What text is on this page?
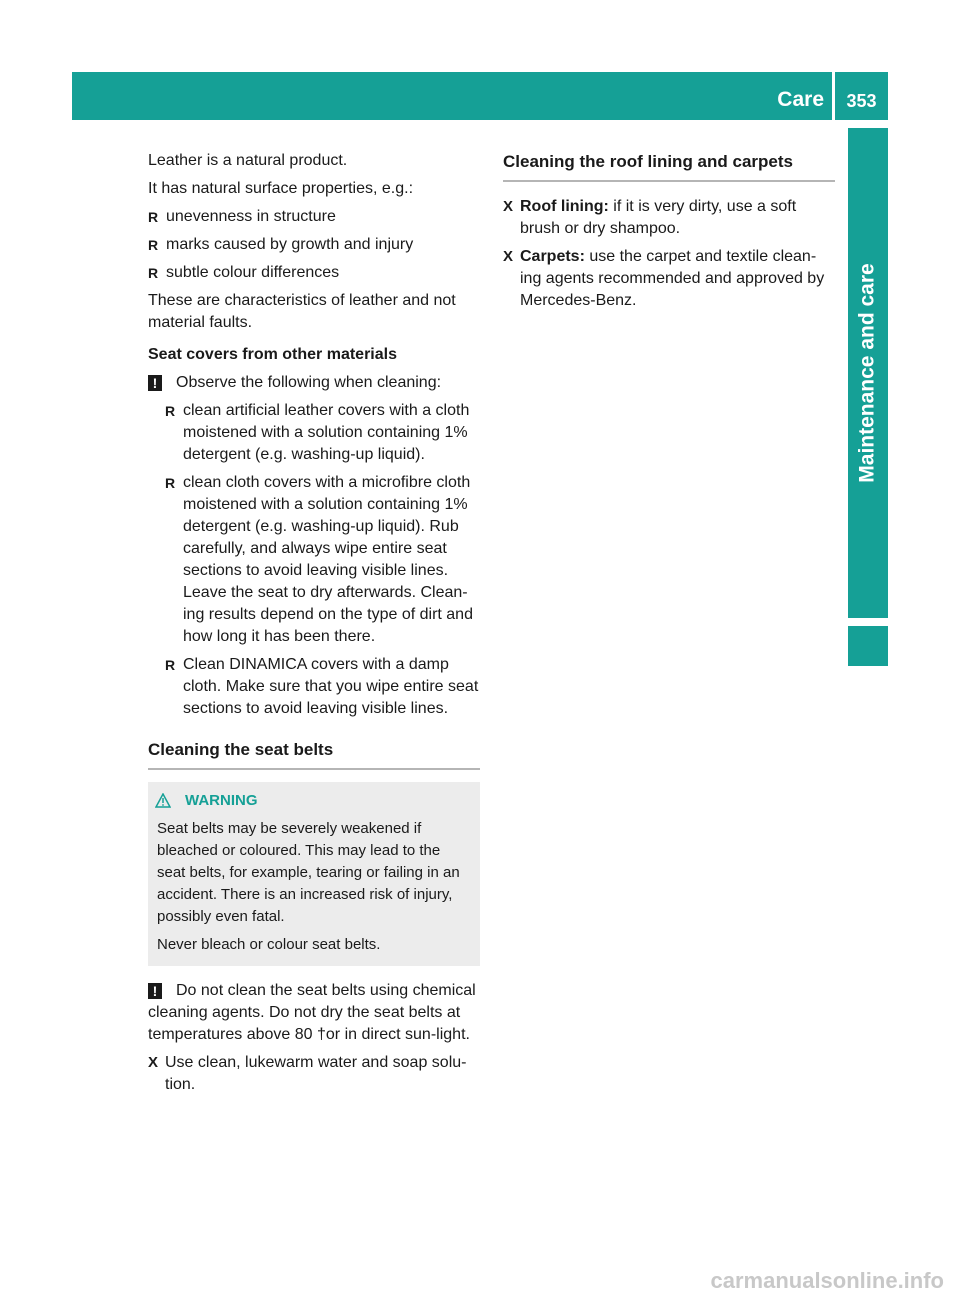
Care	353
Maintenance and care

Leather is a natural product.

It has natural surface properties, e.g.:

R unevenness in structure
R marks caused by growth and injury
R subtle colour differences

These are characteristics of leather and not

material faults.

Seat covers from other materials
! Observe the following when cleaning:
R clean artificial leather covers with a cloth moistened with a solution containing 1% detergent (e.g. washing-up liquid).
R clean cloth covers with a microfibre cloth moistened with a solution containing 1% detergent (e.g. washing-up liquid). Rub carefully, and always wipe entire seat sections to avoid leaving visible lines. Leave the seat to dry afterwards. Clean-ing results depend on the type of dirt and how long it has been there.
R Clean DINAMICA covers with a damp cloth. Make sure that you wipe entire seat sections to avoid leaving visible lines.
Cleaning the seat belts
WARNING

Seat belts may be severely weakened if bleached or coloured. This may lead to the seat belts, for example, tearing or failing in an accident. There is an increased risk of injury, possibly even fatal.

Never bleach or colour seat belts.

!	Do not clean the seat belts using chemical cleaning agents. Do not dry the seat belts at temperatures above 80 †or in direct sun-light.

X Use clean, lukewarm water and soap solu-tion.
Cleaning the roof lining and carpets
X Roof lining: if it is very dirty, use a soft brush or dry shampoo.
X Carpets: use the carpet and textile clean-ing agents recommended and approved by Mercedes-Benz.
carmanualsonline.info
